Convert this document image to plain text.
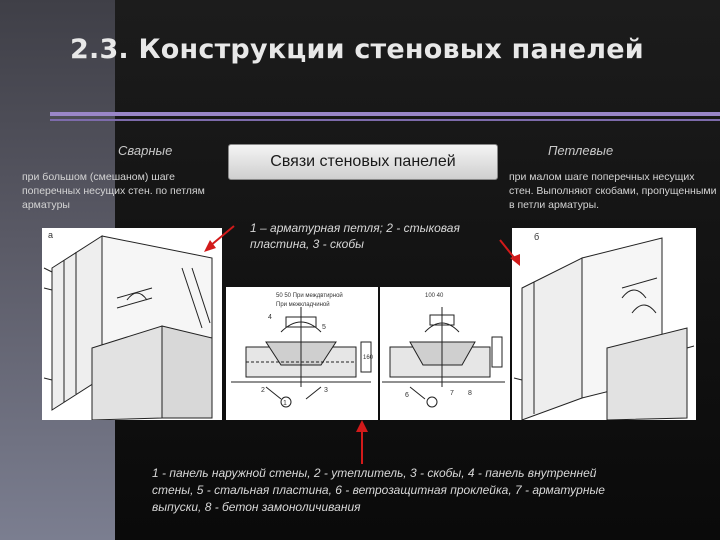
2.3. Конструкции стеновых панелей
Сварные
при большом (смешаном) шаге поперечных несущих стен. по петлям арматуры
Связи стеновых панелей
Петлевые
при малом шаге поперечных несущих стен. Выполняют скобами, пропущенными в петли арматуры.
1 – арматурная петля; 2 - стыковая пластина, 3 - скобы
а
50 50 При междвтирной
При межкладчиной
160
1
2	3
4
5
100 40
6	7 8
б
1 - панель наружной стены, 2 - утеплитель, 3 - скобы, 4 - панель внутренней стены, 5 - стальная пластина, 6 - ветрозащитная проклейка, 7 - арматурные выпуски, 8 - бетон замоноличивания
